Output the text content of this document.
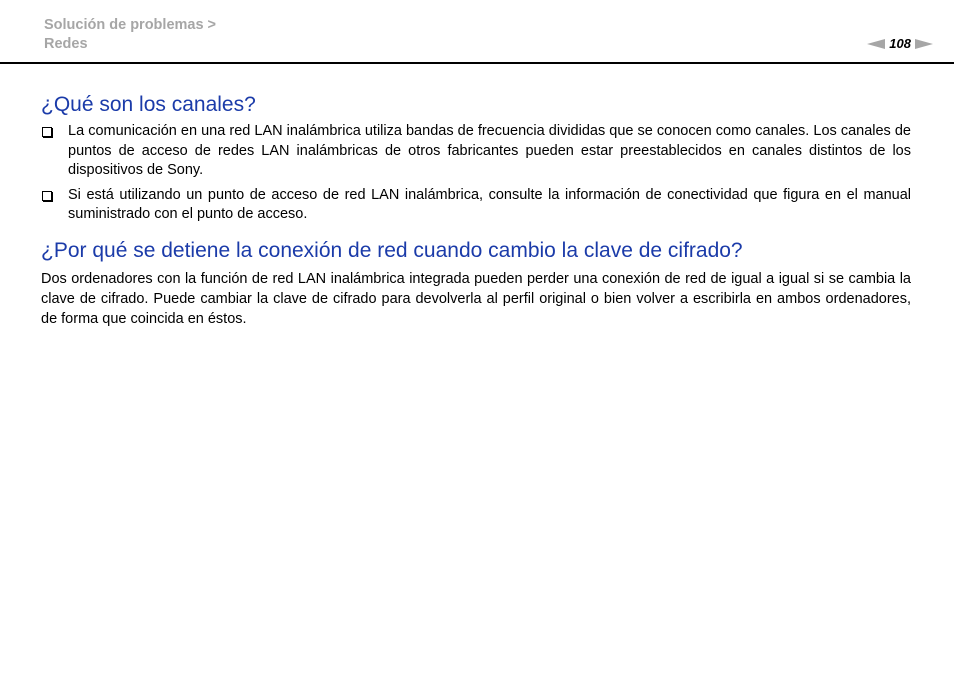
Solución de problemas >
Redes	108
¿Qué son los canales?
La comunicación en una red LAN inalámbrica utiliza bandas de frecuencia divididas que se conocen como canales. Los canales de puntos de acceso de redes LAN inalámbricas de otros fabricantes pueden estar preestablecidos en canales distintos de los dispositivos de Sony.
Si está utilizando un punto de acceso de red LAN inalámbrica, consulte la información de conectividad que figura en el manual suministrado con el punto de acceso.
¿Por qué se detiene la conexión de red cuando cambio la clave de cifrado?

Dos ordenadores con la función de red LAN inalámbrica integrada pueden perder una conexión de red de igual a igual si se cambia la clave de cifrado. Puede cambiar la clave de cifrado para devolverla al perfil original o bien volver a escribirla en ambos ordenadores, de forma que coincida en éstos.
